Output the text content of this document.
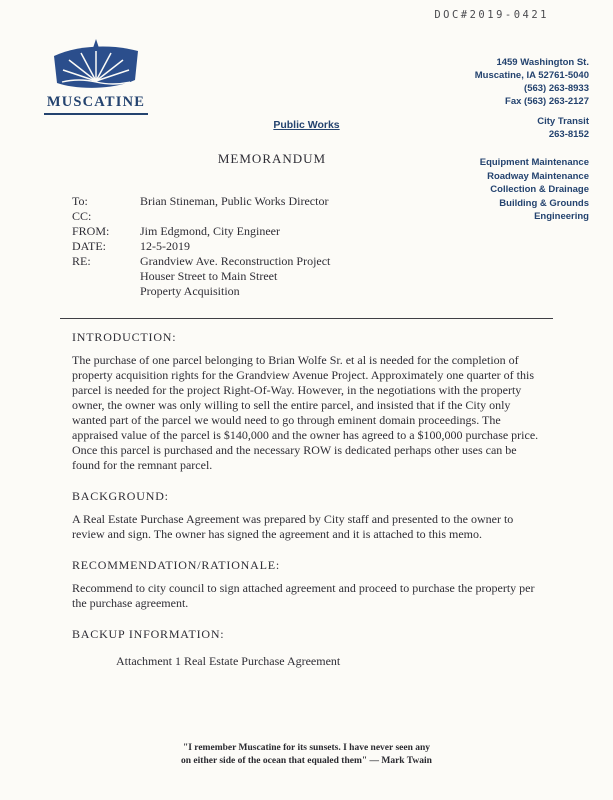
DOC#2019-0421
MUSCATINE
1459 Washington St.
Muscatine, IA 52761-5040
(563) 263-8933
Fax (563) 263-2127
Public Works	City Transit
263-8152
MEMORANDUM	Equipment Maintenance
Roadway Maintenance
Collection & Drainage
Building & Grounds
Engineering
To:	Brian Stineman, Public Works Director
CC:
FROM:	Jim Edgmond, City Engineer
DATE:	12-5-2019
RE:	Grandview Ave. Reconstruction Project
Houser Street to Main Street
Property Acquisition
INTRODUCTION:

The purchase of one parcel belonging to Brian Wolfe Sr. et al is needed for the completion of property acquisition rights for the Grandview Avenue Project. Approximately one quarter of this parcel is needed for the project Right-Of-Way. However, in the negotiations with the property owner, the owner was only willing to sell the entire parcel, and insisted that if the City only wanted part of the parcel we would need to go through eminent domain proceedings. The appraised value of the parcel is $140,000 and the owner has agreed to a $100,000 purchase price. Once this parcel is purchased and the necessary ROW is dedicated perhaps other uses can be found for the remnant parcel.

BACKGROUND:

A Real Estate Purchase Agreement was prepared by City staff and presented to the owner to review and sign. The owner has signed the agreement and it is attached to this memo.

RECOMMENDATION/RATIONALE:

Recommend to city council to sign attached agreement and proceed to purchase the property per the purchase agreement.

BACKUP INFORMATION:
Attachment 1 Real Estate Purchase Agreement
"I remember Muscatine for its sunsets. I have never seen any
on either side of the ocean that equaled them" — Mark Twain
